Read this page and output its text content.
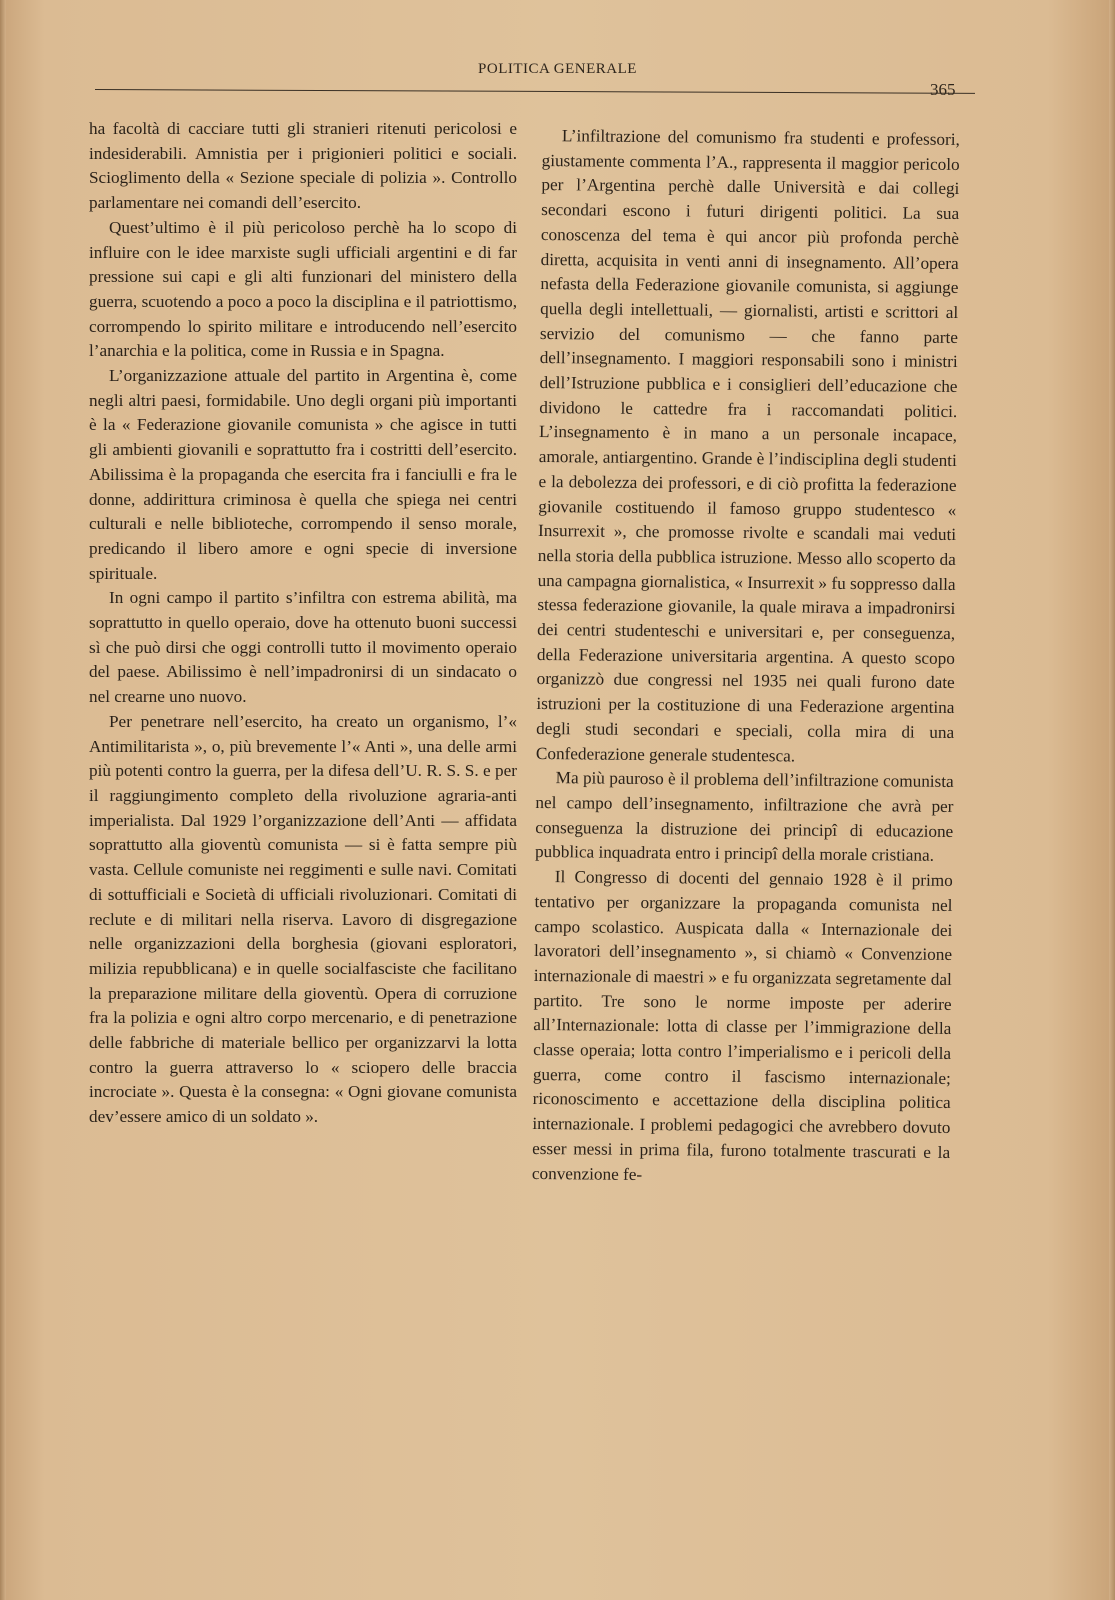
POLITICA GENERALE
365

ha facoltà di cacciare tutti gli stranieri ritenuti pericolosi e indesiderabili. Amnistia per i prigionieri politici e sociali. Scioglimento della « Sezione speciale di polizia ». Controllo parlamentare nei comandi dell’esercito.

Quest’ultimo è il più pericoloso perchè ha lo scopo di influire con le idee marxiste sugli ufficiali argentini e di far pressione sui capi e gli alti funzionari del ministero della guerra, scuotendo a poco a poco la disciplina e il patriottismo, corrompendo lo spirito militare e introducendo nell’esercito l’anarchia e la politica, come in Russia e in Spagna.

L’organizzazione attuale del partito in Argentina è, come negli altri paesi, formidabile. Uno degli organi più importanti è la « Federazione giovanile comunista » che agisce in tutti gli ambienti giovanili e soprattutto fra i costritti dell’esercito. Abilissima è la propaganda che esercita fra i fanciulli e fra le donne, addirittura criminosa è quella che spiega nei centri culturali e nelle biblioteche, corrompendo il senso morale, predicando il libero amore e ogni specie di inversione spirituale.

In ogni campo il partito s’infiltra con estrema abilità, ma soprattutto in quello operaio, dove ha ottenuto buoni successi sì che può dirsi che oggi controlli tutto il movimento operaio del paese. Abilissimo è nell’impadronirsi di un sindacato o nel crearne uno nuovo.

Per penetrare nell’esercito, ha creato un organismo, l’« Antimilitarista », o, più brevemente l’« Anti », una delle armi più potenti contro la guerra, per la difesa dell’U. R. S. S. e per il raggiungimento completo della rivoluzione agraria-anti imperialista. Dal 1929 l’organizzazione dell’Anti — affidata soprattutto alla gioventù comunista — si è fatta sempre più vasta. Cellule comuniste nei reggimenti e sulle navi. Comitati di sottufficiali e Società di ufficiali rivoluzionari. Comitati di reclute e di militari nella riserva. Lavoro di disgregazione nelle organizzazioni della borghesia (giovani esploratori, milizia repubblicana) e in quelle socialfasciste che facilitano la preparazione militare della gioventù. Opera di corruzione fra la polizia e ogni altro corpo mercenario, e di penetrazione delle fabbriche di materiale bellico per organizzarvi la lotta contro la guerra attraverso lo « sciopero delle braccia incrociate ». Questa è la consegna: « Ogni giovane comunista dev’essere amico di un soldato ».

L’infiltrazione del comunismo fra studenti e professori, giustamente commenta l’A., rappresenta il maggior pericolo per l’Argentina perchè dalle Università e dai collegi secondari escono i futuri dirigenti politici. La sua conoscenza del tema è qui ancor più profonda perchè diretta, acquisita in venti anni di insegnamento. All’opera nefasta della Federazione giovanile comunista, si aggiunge quella degli intellettuali, — giornalisti, artisti e scrittori al servizio del comunismo — che fanno parte dell’insegnamento. I maggiori responsabili sono i ministri dell’Istruzione pubblica e i consiglieri dell’educazione che dividono le cattedre fra i raccomandati politici. L’insegnamento è in mano a un personale incapace, amorale, antiargentino. Grande è l’indisciplina degli studenti e la debolezza dei professori, e di ciò profitta la federazione giovanile costituendo il famoso gruppo studentesco « Insurrexit », che promosse rivolte e scandali mai veduti nella storia della pubblica istruzione. Messo allo scoperto da una campagna giornalistica, « Insurrexit » fu soppresso dalla stessa federazione giovanile, la quale mirava a impadronirsi dei centri studenteschi e universitari e, per conseguenza, della Federazione universitaria argentina. A questo scopo organizzò due congressi nel 1935 nei quali furono date istruzioni per la costituzione di una Federazione argentina degli studi secondari e speciali, colla mira di una Confederazione generale studentesca.

Ma più pauroso è il problema dell’infiltrazione comunista nel campo dell’insegnamento, infiltrazione che avrà per conseguenza la distruzione dei principî di educazione pubblica inquadrata entro i principî della morale cristiana.

Il Congresso di docenti del gennaio 1928 è il primo tentativo per organizzare la propaganda comunista nel campo scolastico. Auspicata dalla « Internazionale dei lavoratori dell’insegnamento », si chiamò « Convenzione internazionale di maestri » e fu organizzata segretamente dal partito. Tre sono le norme imposte per aderire all’Internazionale: lotta di classe per l’immigrazione della classe operaia; lotta contro l’imperialismo e i pericoli della guerra, come contro il fascismo internazionale; riconoscimento e accettazione della disciplina politica internazionale. I problemi pedagogici che avrebbero dovuto esser messi in prima fila, furono totalmente trascurati e la convenzione fe-
